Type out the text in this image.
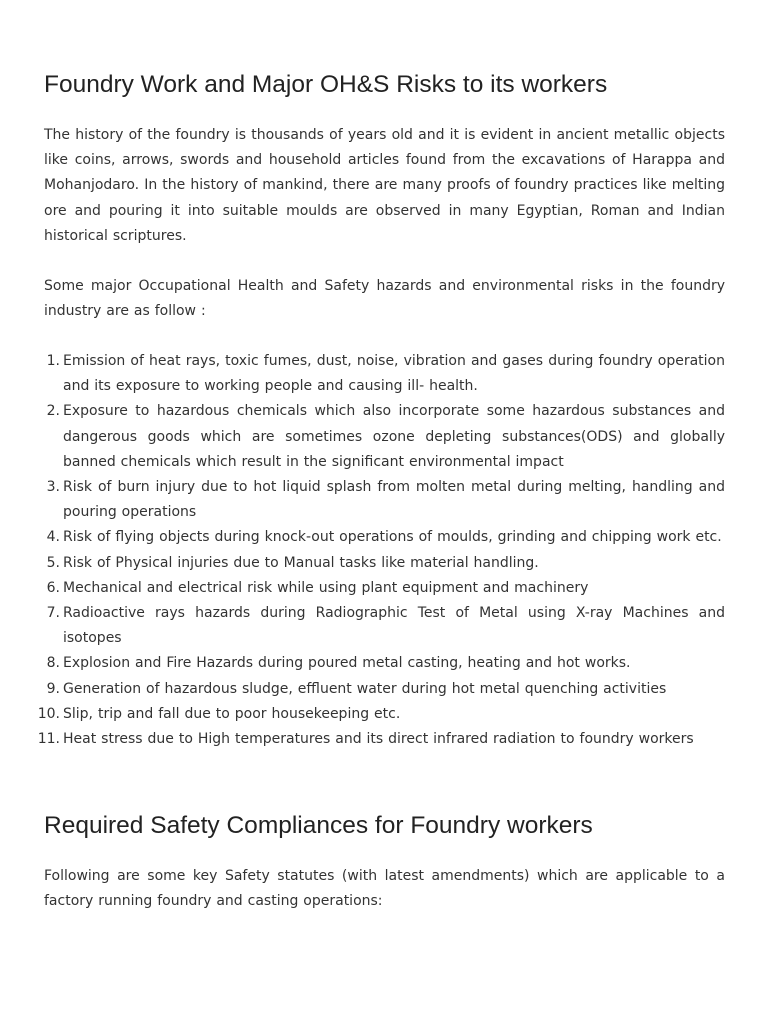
Foundry Work and Major OH&S Risks to its workers

The history of the foundry is thousands of years old and it is evident in ancient metallic objects like coins, arrows, swords and household articles found from the excavations of Harappa and Mohanjodaro. In the history of mankind, there are many proofs of foundry practices like melting ore and pouring it into suitable moulds are observed in many Egyptian, Roman and Indian historical scriptures.

Some major Occupational Health and Safety hazards and environmental risks in the foundry industry are as follow :

1. Emission of heat rays, toxic fumes, dust, noise, vibration and gases during foundry operation and its exposure to working people and causing ill- health.
2. Exposure to hazardous chemicals which also incorporate some hazardous substances and dangerous goods which are sometimes ozone depleting substances(ODS) and globally banned chemicals which result in the significant environmental impact
3. Risk of burn injury due to hot liquid splash from molten metal during melting, handling and pouring operations
4. Risk of flying objects during knock-out operations of moulds, grinding and chipping work etc.
5. Risk of Physical injuries due to Manual tasks like material handling.
6. Mechanical and electrical risk while using plant equipment and machinery
7. Radioactive rays hazards during Radiographic Test of Metal using X-ray Machines and isotopes
8. Explosion and Fire Hazards during poured metal casting, heating and hot works.
9. Generation of hazardous sludge, effluent water during hot metal quenching activities
10. Slip, trip and fall due to poor housekeeping etc.
11. Heat stress due to High temperatures and its direct infrared radiation to foundry workers
Required Safety Compliances for Foundry workers

Following are some key Safety statutes (with latest amendments) which are applicable to a factory running foundry and casting operations:
